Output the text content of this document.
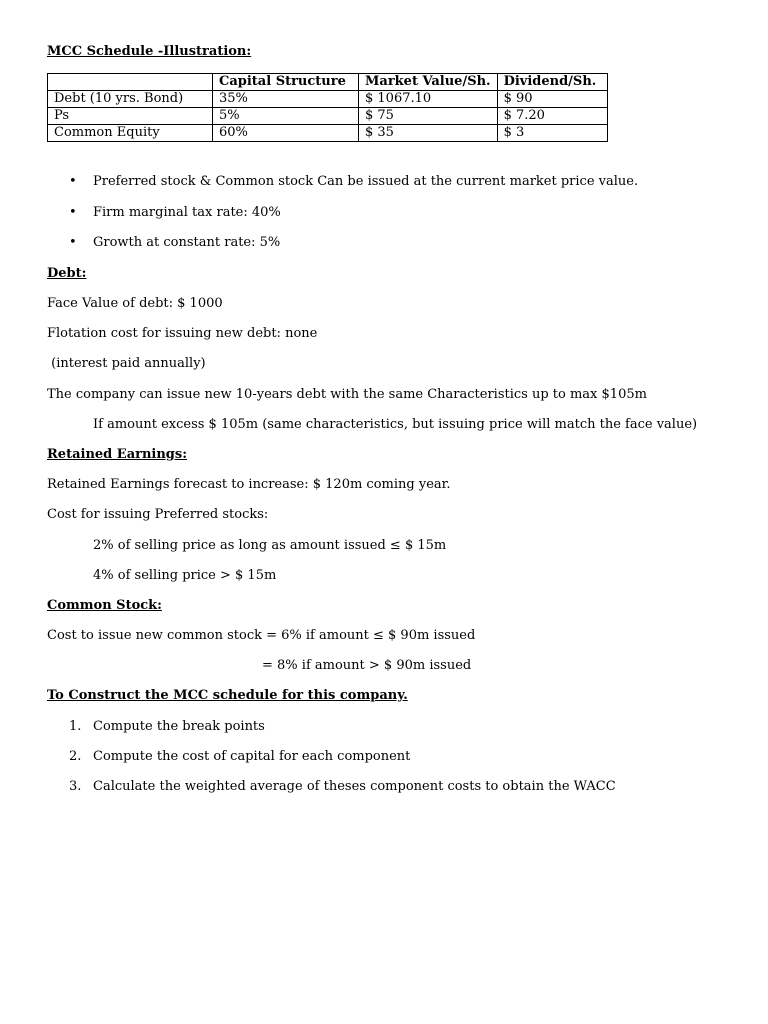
MCC Schedule -Illustration:
	Capital Structure	Market Value/Sh.	Dividend/Sh.
Debt (10 yrs. Bond)	35%	$ 1067.10	$ 90
Ps	5%	$ 75	$ 7.20
Common Equity	60%	$ 35	$ 3
• Preferred stock & Common stock Can be issued at the current market price value.
• Firm marginal tax rate: 40%
• Growth at constant rate: 5%
Debt:
Face Value of debt: $ 1000
Flotation cost for issuing new debt: none
(interest paid annually)
The company can issue new 10-years debt with the same Characteristics up to max $105m
If amount excess $ 105m (same characteristics, but issuing price will match the face value)
Retained Earnings:
Retained Earnings forecast to increase: $ 120m coming year.
Cost for issuing Preferred stocks:
2% of selling price as long as amount issued ≤ $ 15m
4% of selling price > $ 15m
Common Stock:
Cost to issue new common stock = 6% if amount ≤ $ 90m issued
= 8% if amount > $ 90m issued
To Construct the MCC schedule for this company.
1. Compute the break points
2. Compute the cost of capital for each component
3. Calculate the weighted average of theses component costs to obtain the WACC
